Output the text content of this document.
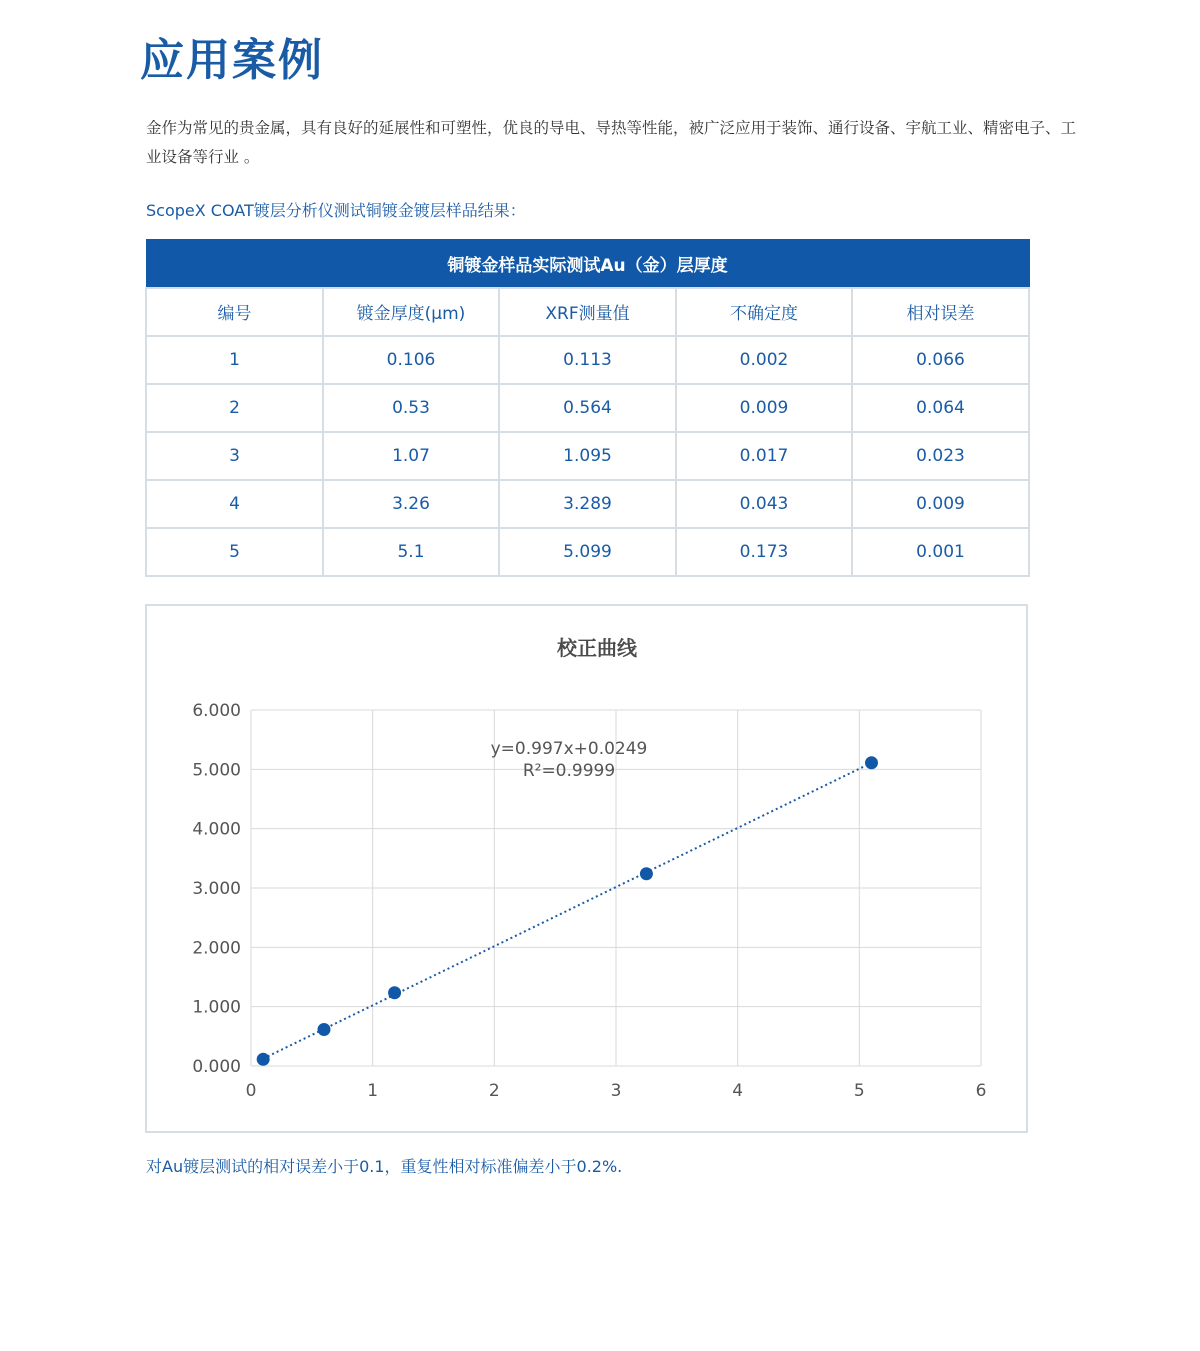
应用案例
金作为常见的贵金属，具有良好的延展性和可塑性，优良的导电、导热等性能，被广泛应用于装饰、通行设备、宇航工业、精密电子、工业设备等行业 。
ScopeX COAT镀层分析仪测试铜镀金镀层样品结果：
铜镀金样品实际测试Au（金）层厚度				
编号	镀金厚度(μm)	XRF测量值	不确定度	相对误差
1	0.106	0.113	0.002	0.066
2	0.53	0.564	0.009	0.064
3	1.07	1.095	0.017	0.023
4	3.26	3.289	0.043	0.009
5	5.1	5.099	0.173	0.001
校正曲线
0	1	2	3	4	5	6
0.000
1.000
2.000
3.000
4.000
5.000
6.000
y=0.997x+0.0249
R²=0.9999
对Au镀层测试的相对误差小于0.1，重复性相对标准偏差小于0.2%.
